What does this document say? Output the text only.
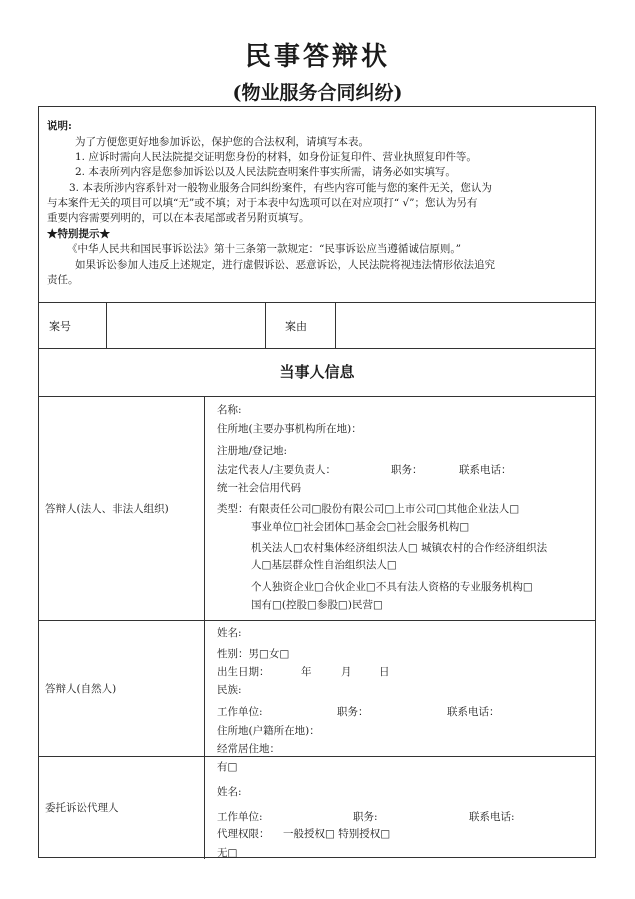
民事答辩状
(物业服务合同纠纷)
说明:
为了方便您更好地参加诉讼，保护您的合法权利，请填写本表。
1. 应诉时需向人民法院提交证明您身份的材料，如身份证复印件、营业执照复印件等。
2. 本表所列内容是您参加诉讼以及人民法院查明案件事实所需，请务必如实填写。
3. 本表所涉内容系针对一般物业服务合同纠纷案件，有些内容可能与您的案件无关，您认为
与本案件无关的项目可以填“无”或不填；对于本表中勾选项可以在对应项打“ √”；您认为另有
重要内容需要列明的，可以在本表尾部或者另附页填写。
★特别提示★
《中华人民共和国民事诉讼法》第十三条第一款规定：“民事诉讼应当遵循诚信原则。”
如果诉讼参加人违反上述规定，进行虚假诉讼、恶意诉讼，人民法院将视违法情形依法追究
责任。
案号	案由
当事人信息
答辩人(法人、非法人组织)
名称:
住所地(主要办事机构所在地)：
注册地/登记地:
法定代表人/主要负责人：	职务：	联系电话：
统一社会信用代码
类型：有限责任公司□股份有限公司□上市公司□其他企业法人□
事业单位□社会团体□基金会□社会服务机构□
机关法人□农村集体经济组织法人□ 城镇农村的合作经济组织法
人□基层群众性自治组织法人□
个人独资企业□合伙企业□不具有法人资格的专业服务机构□
国有□(控股□参股□)民营□
答辩人(自然人)
姓名:
性别：男□女□
出生日期：	年	月	日
民族:
工作单位:	职务：	联系电话：
住所地(户籍所在地)：
经常居住地：
委托诉讼代理人
有□
姓名:
工作单位:	职务:	联系电话:
代理权限： 一般授权□ 特别授权□
无□
